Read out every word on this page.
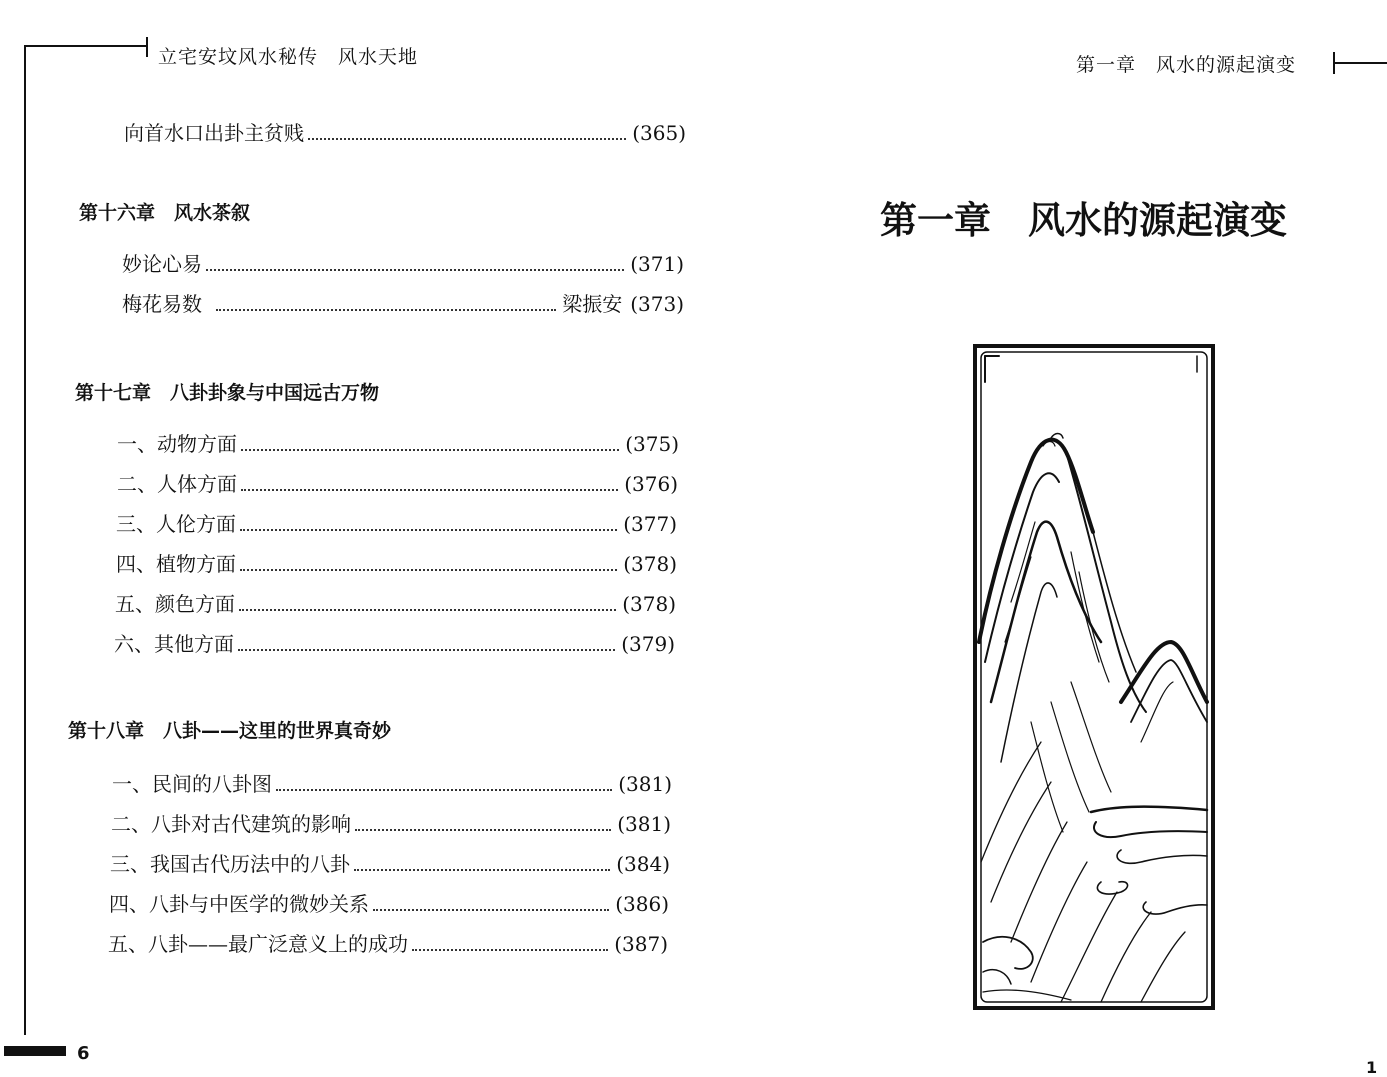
立宅安坟风水秘传　风水天地
向首水口出卦主贫贱	(365)
第十六章　风水茶叙
妙论心易	(371)
梅花易数	梁振安 (373)
第十七章　八卦卦象与中国远古万物
一、动物方面	(375)
二、人体方面	(376)
三、人伦方面	(377)
四、植物方面	(378)
五、颜色方面	(378)
六、其他方面	(379)
第十八章　八卦——这里的世界真奇妙
一、民间的八卦图	(381)
二、八卦对古代建筑的影响	(381)
三、我国古代历法中的八卦	(384)
四、八卦与中医学的微妙关系	(386)
五、八卦——最广泛意义上的成功	(387)
6
第一章　风水的源起演变
第一章　风水的源起演变
1
